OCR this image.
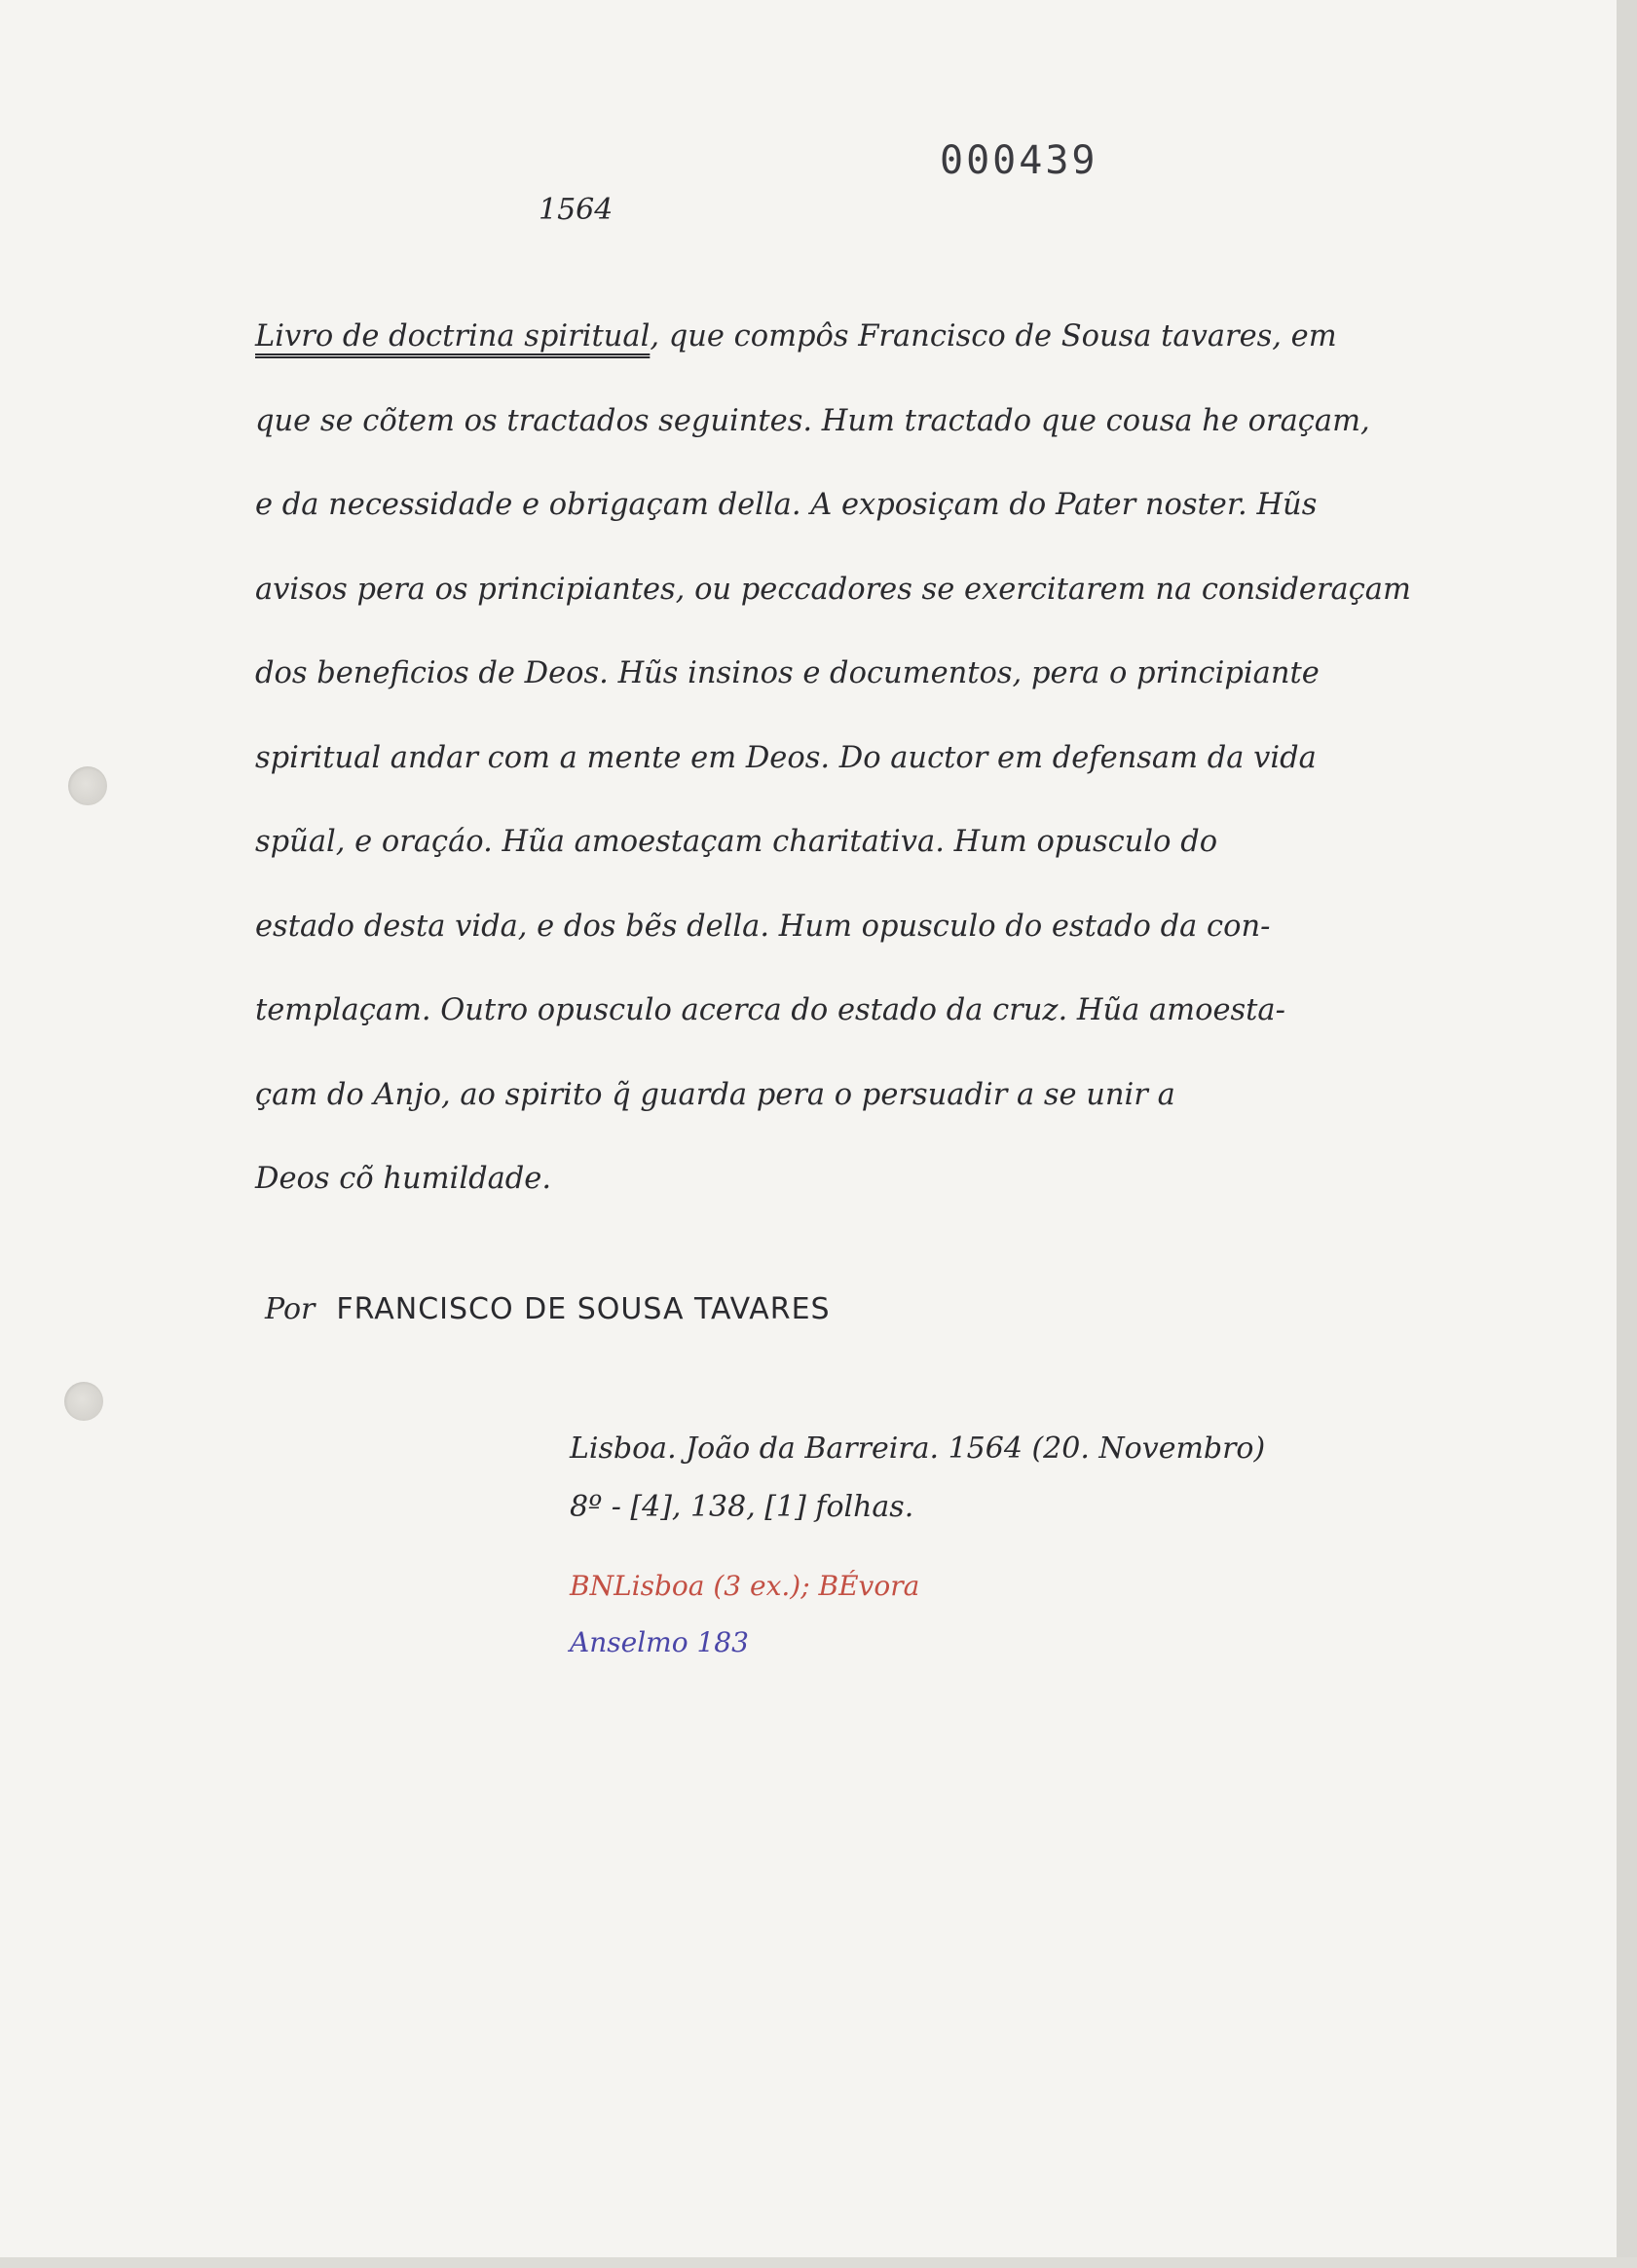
000439
1564
Livro de doctrina spiritual, que compôs Francisco de Sousa tavares, em
que se cõtem os tractados seguintes. Hum tractado que cousa he oraçam,
e da necessidade e obrigaçam della. A exposiçam do Pater noster. Hũs
avisos pera os principiantes, ou peccadores se exercitarem na consideraçam
dos beneficios de Deos. Hũs insinos e documentos, pera o principiante
spiritual andar com a mente em Deos. Do auctor em defensam da vida
spũal, e oraçáo. Hũa amoestaçam charitativa. Hum opusculo do
estado desta vida, e dos bẽs della. Hum opusculo do estado da con-
templaçam. Outro opusculo acerca do estado da cruz. Hũa amoesta-
çam do Anjo, ao spirito q̃ guarda pera o persuadir a se unir a
Deos cõ humildade.
Por FRANCISCO DE SOUSA TAVARES
Lisboa. João da Barreira. 1564 (20. Novembro)
8º - [4], 138, [1] folhas.
BNLisboa (3 ex.); BÉvora
Anselmo 183
